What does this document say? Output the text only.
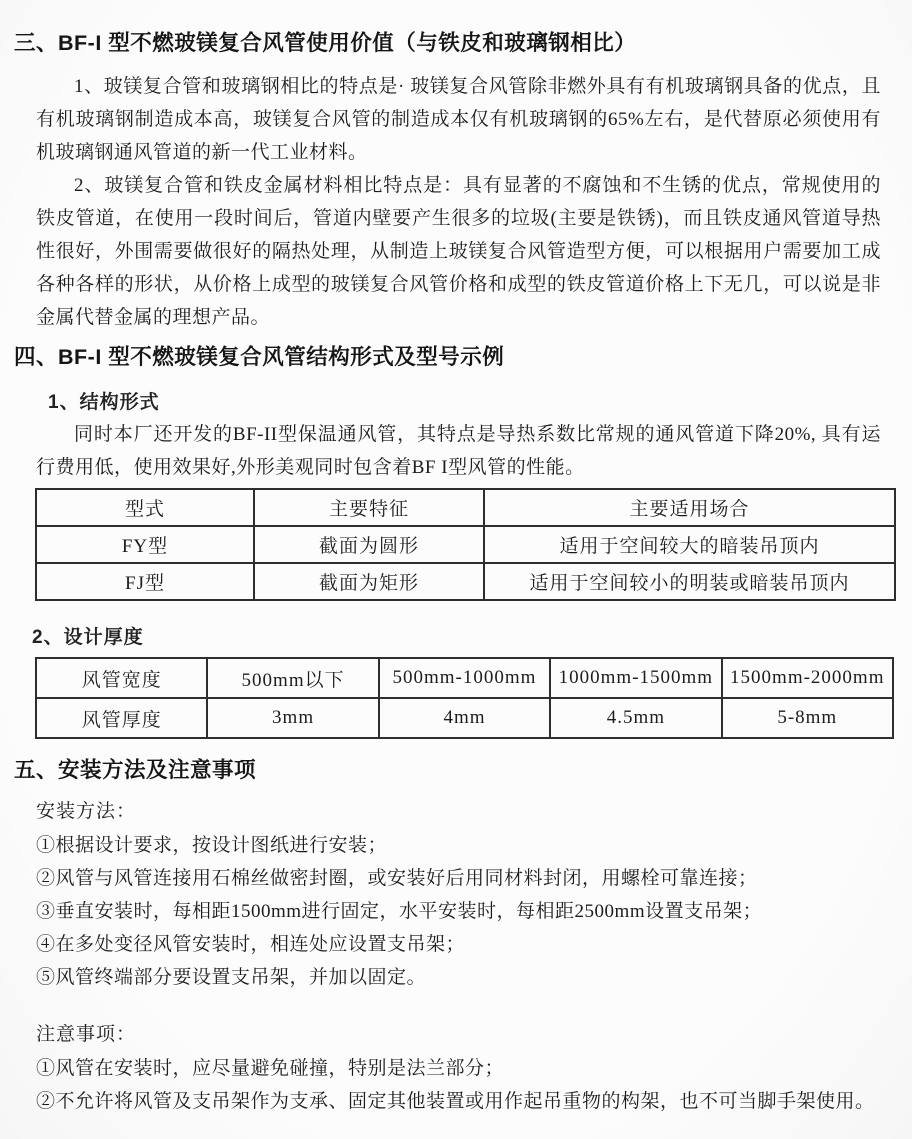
三、BF-I 型不燃玻镁复合风管使用价值（与铁皮和玻璃钢相比）

1、玻镁复合管和玻璃钢相比的特点是· 玻镁复合风管除非燃外具有有机玻璃钢具备的优点，且有机玻璃钢制造成本高，玻镁复合风管的制造成本仅有机玻璃钢的65%左右，是代替原必须使用有机玻璃钢通风管道的新一代工业材料。

2、玻镁复合管和铁皮金属材料相比特点是：具有显著的不腐蚀和不生锈的优点，常规使用的铁皮管道，在使用一段时间后，管道内壁要产生很多的垃圾(主要是铁锈)，而且铁皮通风管道导热性很好，外围需要做很好的隔热处理，从制造上玻镁复合风管造型方便，可以根据用户需要加工成各种各样的形状，从价格上成型的玻镁复合风管价格和成型的铁皮管道价格上下无几，可以说是非金属代替金属的理想产品。

四、BF-I 型不燃玻镁复合风管结构形式及型号示例
1、结构形式

同时本厂还开发的BF-II型保温通风管，其特点是导热系数比常规的通风管道下降20%, 具有运行费用低，使用效果好,外形美观同时包含着BF I型风管的性能。

型式	主要特征	主要适用场合
FY型	截面为圆形	适用于空间较大的暗装吊顶内
FJ型	截面为矩形	适用于空间较小的明装或暗装吊顶内
2、设计厚度
风管宽度	500mm以下	500mm-1000mm	1000mm-1500mm	1500mm-2000mm
风管厚度	3mm	4mm	4.5mm	5-8mm
五、安装方法及注意事项
安装方法：
①根据设计要求，按设计图纸进行安装；
②风管与风管连接用石棉丝做密封圈，或安装好后用同材料封闭，用螺栓可靠连接；
③垂直安装时，每相距1500mm进行固定，水平安装时，每相距2500mm设置支吊架；
④在多处变径风管安装时，相连处应设置支吊架；
⑤风管终端部分要设置支吊架，并加以固定。
注意事项：
①风管在安装时，应尽量避免碰撞，特别是法兰部分；
②不允许将风管及支吊架作为支承、固定其他装置或用作起吊重物的构架，也不可当脚手架使用。
